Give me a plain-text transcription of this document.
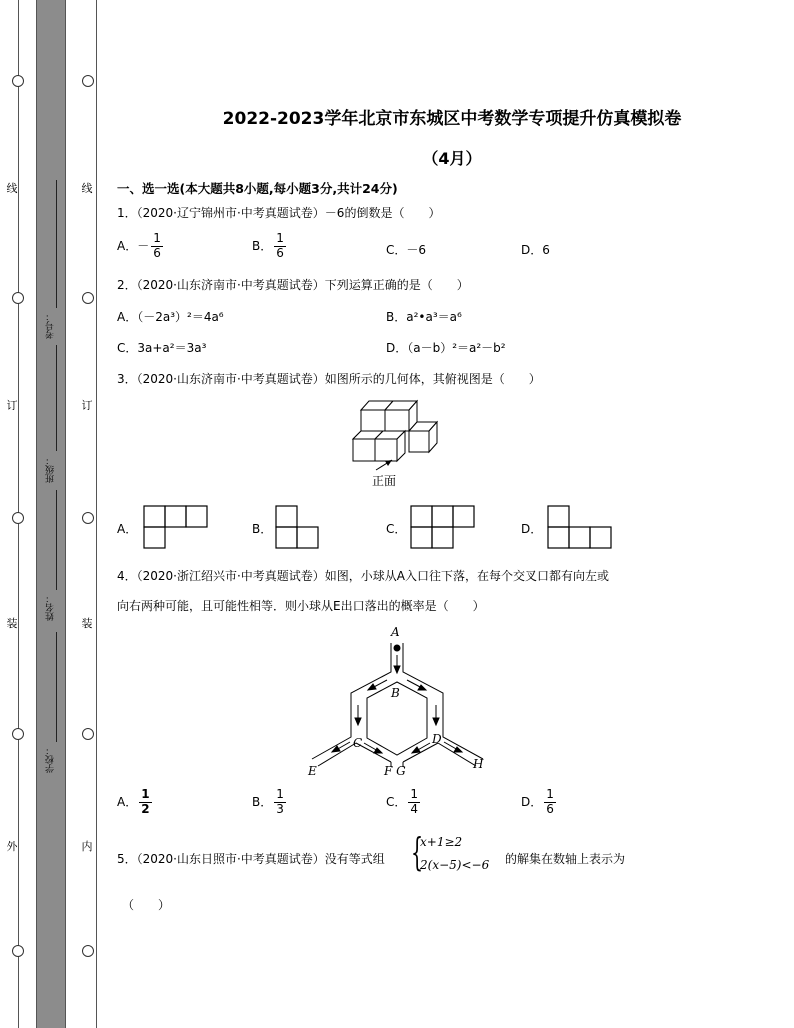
线
订
装
外
线
订
装
内
考号：
班级：
姓名：
学校：
2022-2023学年北京市东城区中考数学专项提升仿真模拟卷
（4月）
一、选一选(本大题共8小题,每小题3分,共计24分)
1．（2020·辽宁锦州市·中考真题试卷）－6的倒数是（　　）
A．－ $\frac{1}{6}$	B． $\frac{1}{6}$	C．－6	D．6
2．（2020·山东济南市·中考真题试卷）下列运算正确的是（　　）
A．（－2a³）²＝4a⁶	B．a²•a³＝a⁶
C．3a+a²＝3a³	D．（a－b）²＝a²－b²
3．（2020·山东济南市·中考真题试卷）如图所示的几何体，其俯视图是（　　）
正面
A．	B．	C．	D．
4．（2020·浙江绍兴市·中考真题试卷）如图，小球从A入口往下落，在每个交叉口都有向左或
向右两种可能，且可能性相等．则小球从E出口落出的概率是（　　）
A
B
C	D
E	F G	H
A． $\frac{1}{2}$	B． $\frac{1}{3}$	C． $\frac{1}{4}$	D． $\frac{1}{6}$
5．（2020·山东日照市·中考真题试卷）没有等式组 {
x+1≥2
2(x−5)<−6 的解集在数轴上表示为
（　　）
